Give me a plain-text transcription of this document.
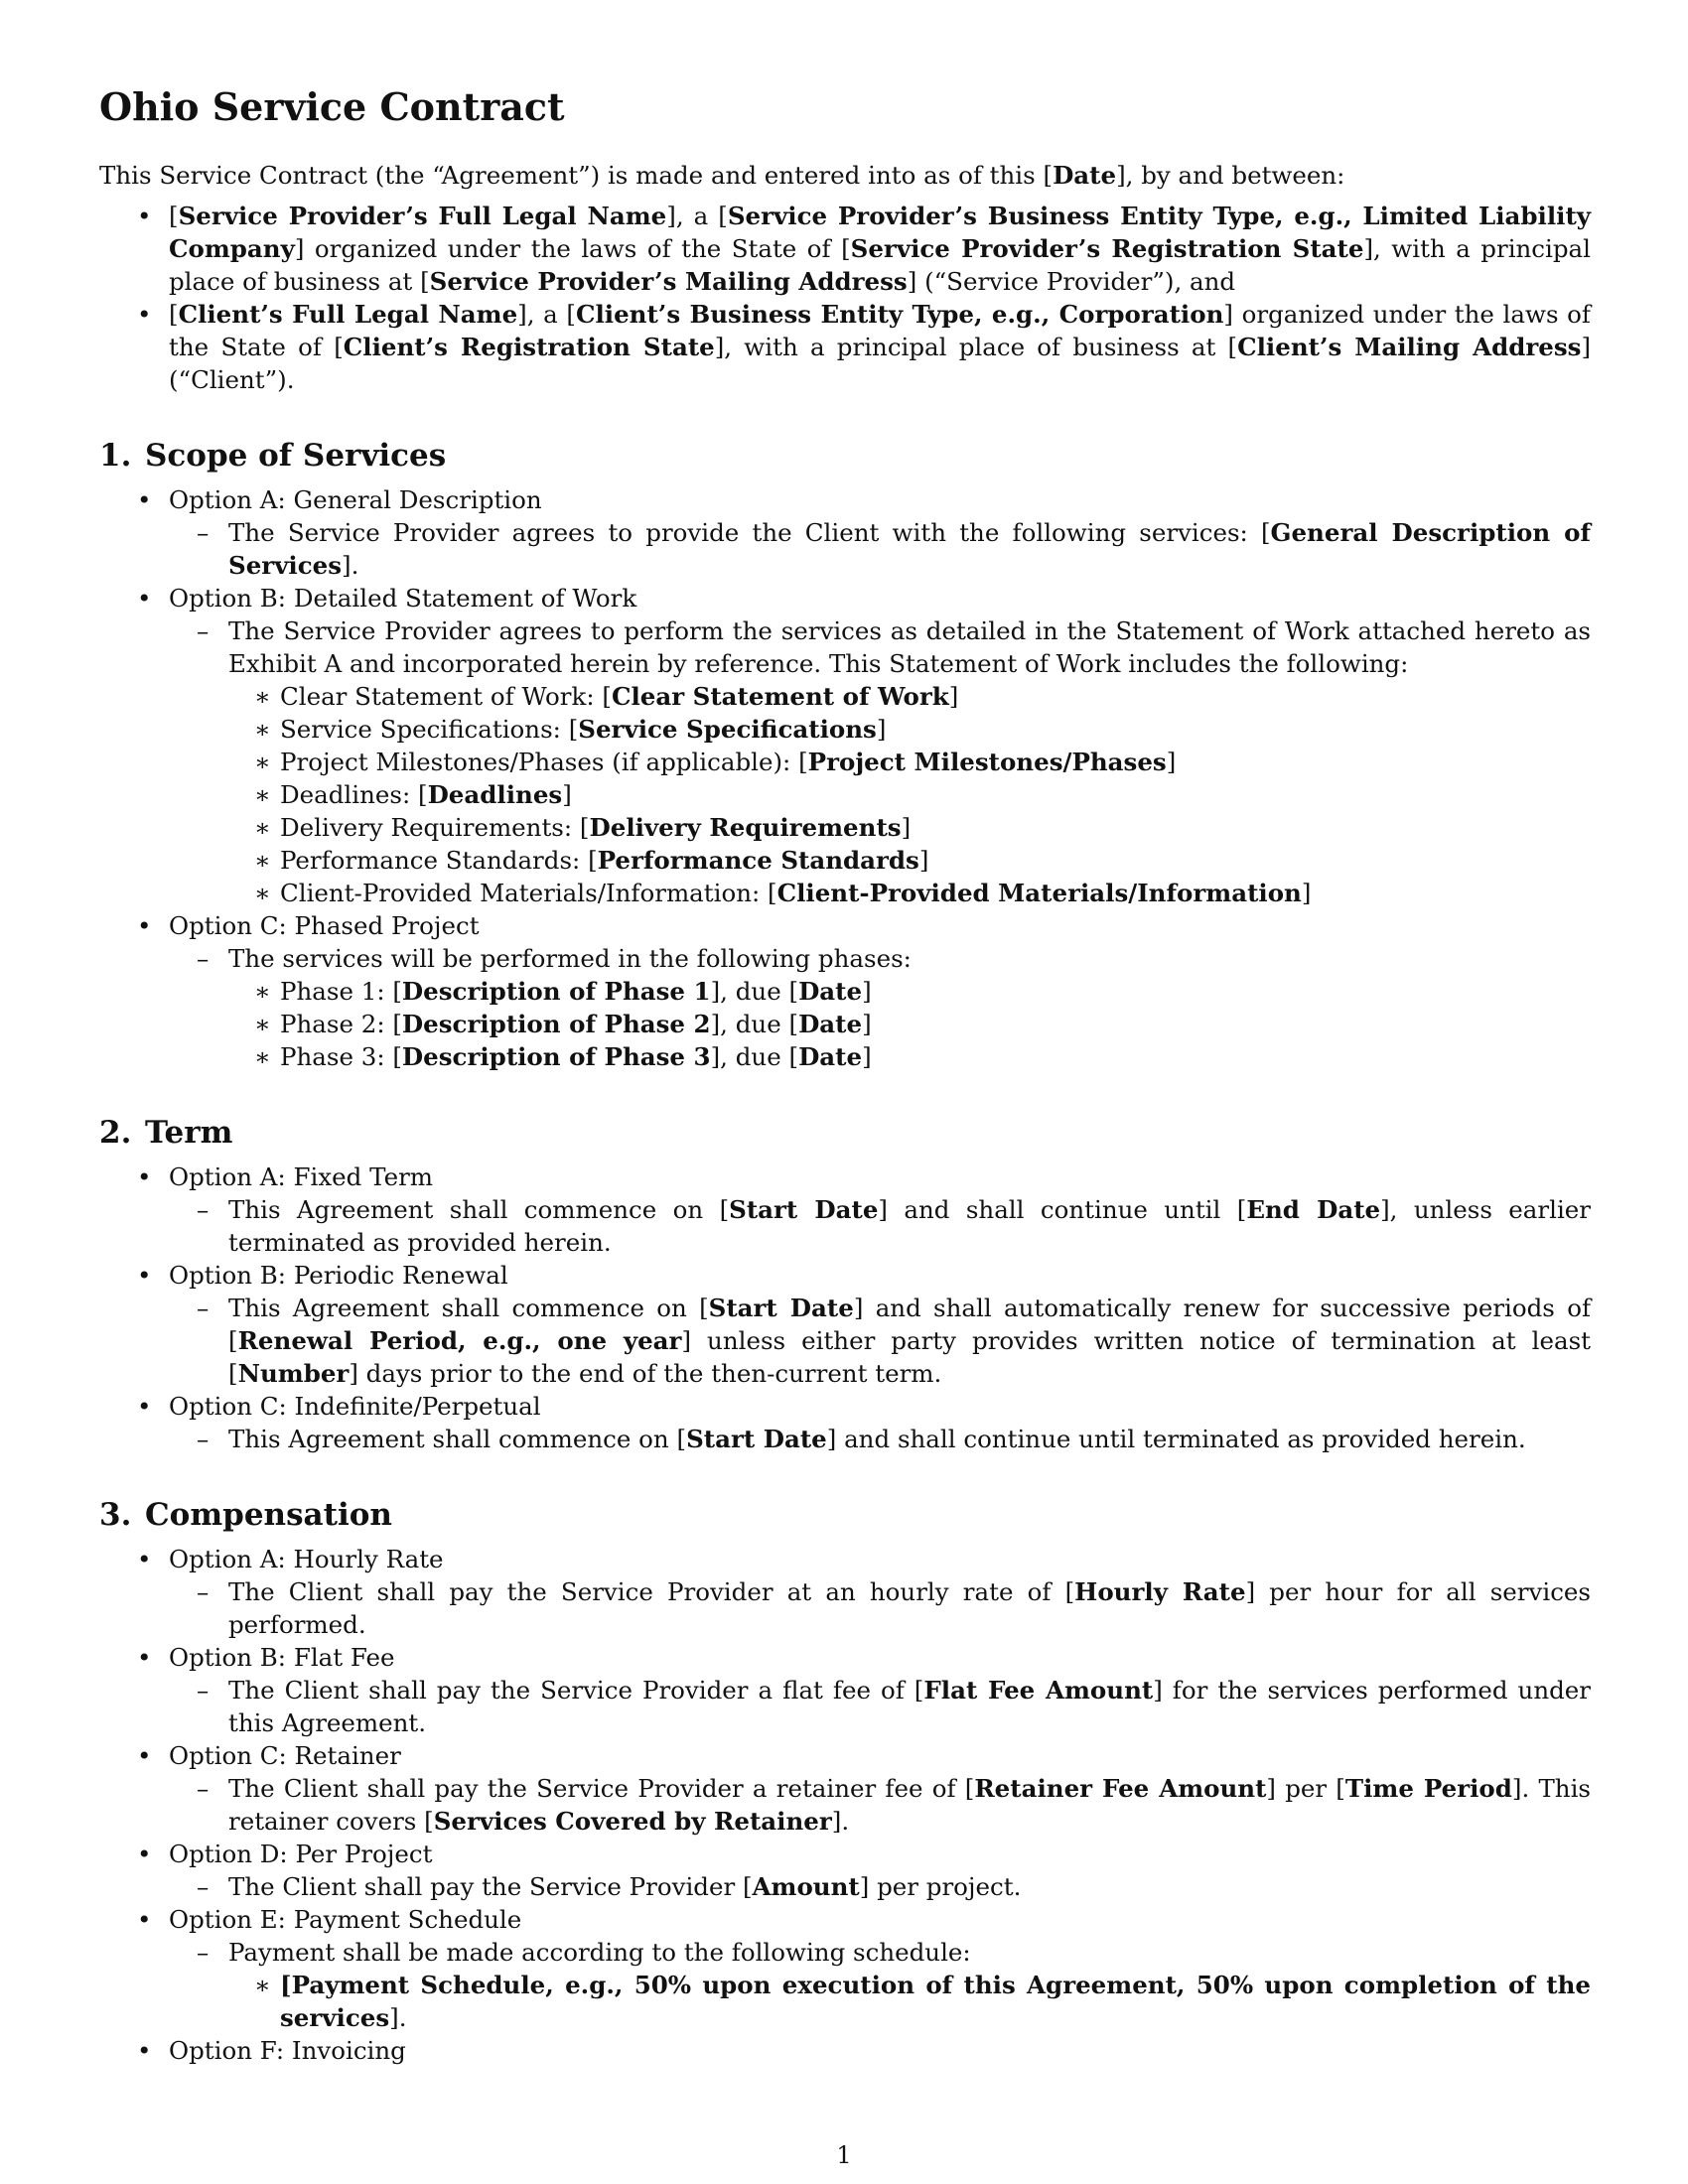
Ohio Service Contract

This Service Contract (the “Agreement”) is made and entered into as of this [Date], by and between:

• [Service Provider’s Full Legal Name], a [Service Provider’s Business Entity Type, e.g., Limited Liability Company] organized under the laws of the State of [Service Provider’s Registration State], with a principal place of business at [Service Provider’s Mailing Address] (“Service Provider”), and
• [Client’s Full Legal Name], a [Client’s Business Entity Type, e.g., Corporation] organized under the laws of the State of [Client’s Registration State], with a principal place of business at [Client’s Mailing Address] (“Client”).
1. Scope of Services
• Option A: General Description
– The Service Provider agrees to provide the Client with the following services: [General Description of Services].
• Option B: Detailed Statement of Work
– The Service Provider agrees to perform the services as detailed in the Statement of Work attached hereto as Exhibit A and incorporated herein by reference. This Statement of Work includes the following:
∗ Clear Statement of Work: [Clear Statement of Work]
∗ Service Specifications: [Service Specifications]
∗ Project Milestones/Phases (if applicable): [Project Milestones/Phases]
∗ Deadlines: [Deadlines]
∗ Delivery Requirements: [Delivery Requirements]
∗ Performance Standards: [Performance Standards]
∗ Client-Provided Materials/Information: [Client-Provided Materials/Information]
• Option C: Phased Project
– The services will be performed in the following phases:
∗ Phase 1: [Description of Phase 1], due [Date]
∗ Phase 2: [Description of Phase 2], due [Date]
∗ Phase 3: [Description of Phase 3], due [Date]
2. Term
• Option A: Fixed Term
– This Agreement shall commence on [Start Date] and shall continue until [End Date], unless earlier terminated as provided herein.
• Option B: Periodic Renewal
– This Agreement shall commence on [Start Date] and shall automatically renew for successive periods of [Renewal Period, e.g., one year] unless either party provides written notice of termination at least [Number] days prior to the end of the then-current term.
• Option C: Indefinite/Perpetual
– This Agreement shall commence on [Start Date] and shall continue until terminated as provided herein.
3. Compensation
• Option A: Hourly Rate
– The Client shall pay the Service Provider at an hourly rate of [Hourly Rate] per hour for all services performed.
• Option B: Flat Fee
– The Client shall pay the Service Provider a flat fee of [Flat Fee Amount] for the services performed under this Agreement.
• Option C: Retainer
– The Client shall pay the Service Provider a retainer fee of [Retainer Fee Amount] per [Time Period]. This retainer covers [Services Covered by Retainer].
• Option D: Per Project
– The Client shall pay the Service Provider [Amount] per project.
• Option E: Payment Schedule
– Payment shall be made according to the following schedule:
∗ [Payment Schedule, e.g., 50% upon execution of this Agreement, 50% upon completion of the services].
• Option F: Invoicing
1
